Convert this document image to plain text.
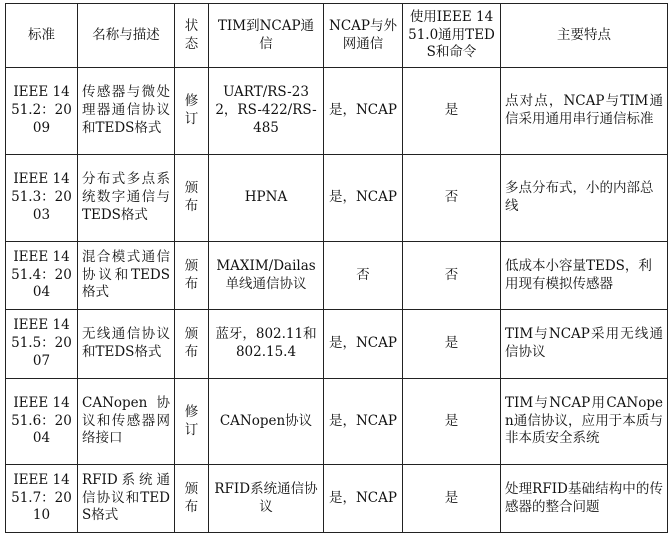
标准	名称与描述	状态	TIM到NCAP通信	NCAP与外网通信	使用IEEE 1451.0通用TEDS和命令	主要特点
IEEE 1451.2：2009	传感器与微处理器通信协议和TEDS格式	修订	UART/RS-232，RS-422/RS-485	是，NCAP	是	点对点，NCAP与TIM通信采用通用串行通信标准
IEEE 1451.3：2003	分布式多点系统数字通信与TEDS格式	颁布	HPNA	是，NCAP	否	多点分布式，小的内部总线
IEEE 1451.4：2004	混合模式通信协议和TEDS格式	颁布	MAXIM/Dailas单线通信协议	否	否	低成本小容量TEDS，利用现有模拟传感器
IEEE 1451.5：2007	无线通信协议和TEDS格式	颁布	蓝牙，802.11和802.15.4	是，NCAP	是	TIM与NCAP采用无线通信协议
IEEE 1451.6：2004	CANopen协议和传感器网络接口	修订	CANopen协议	是，NCAP	是	TIM与NCAP用CANopen通信协议，应用于本质与非本质安全系统
IEEE 1451.7：2010	RFID系统通信协议和TEDS格式	颁布	RFID系统通信协议	是，NCAP	是	处理RFID基础结构中的传感器的整合问题
